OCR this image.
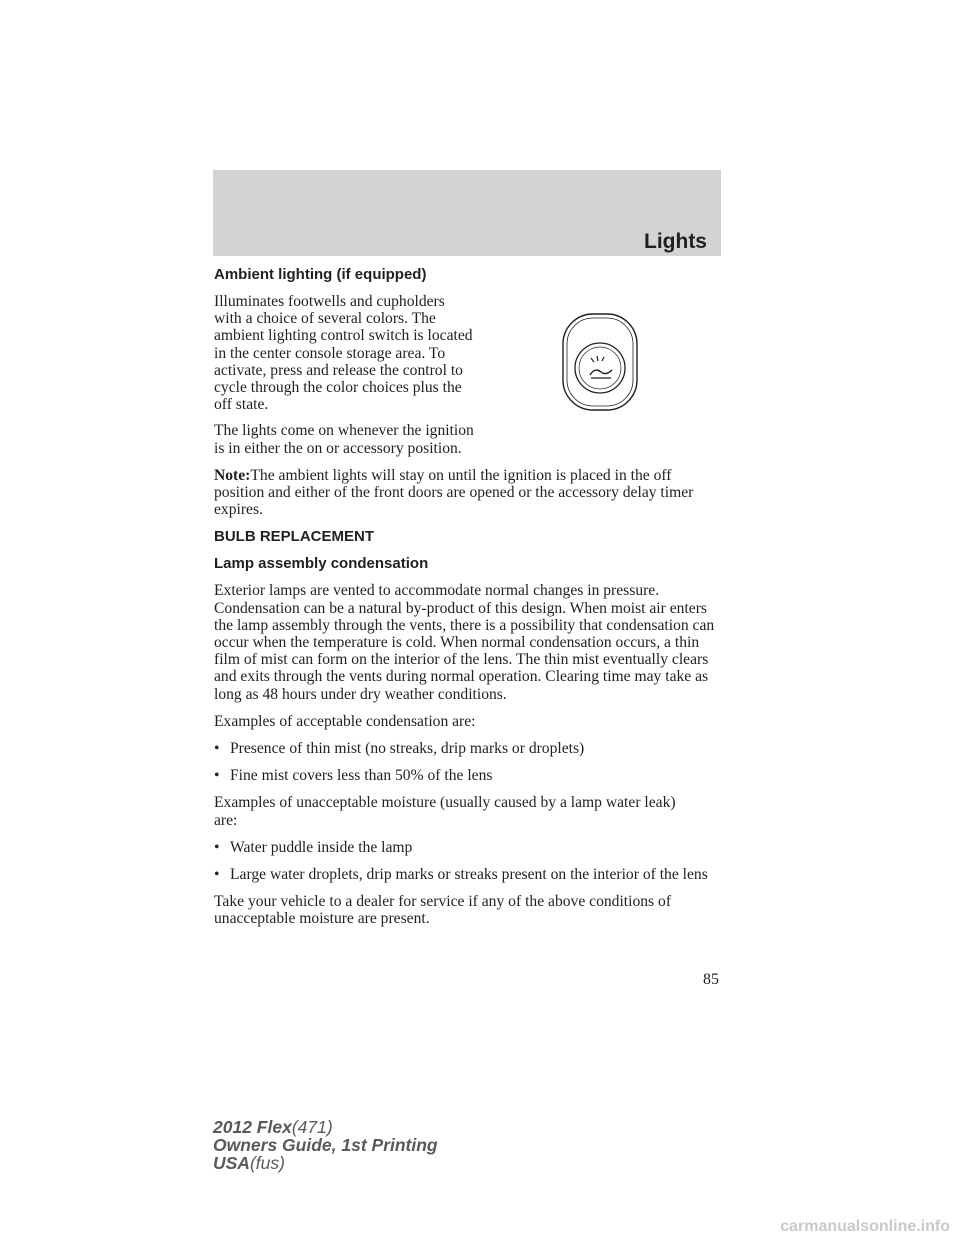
Lights
Ambient lighting (if equipped)

Illuminates footwells and cupholders with a choice of several colors. The ambient lighting control switch is located in the center console storage area. To activate, press and release the control to cycle through the color choices plus the off state.

The lights come on whenever the ignition is in either the on or accessory position.

Note:The ambient lights will stay on until the ignition is placed in the off position and either of the front doors are opened or the accessory delay timer expires.

BULB REPLACEMENT
Lamp assembly condensation

Exterior lamps are vented to accommodate normal changes in pressure. Condensation can be a natural by-product of this design. When moist air enters the lamp assembly through the vents, there is a possibility that condensation can occur when the temperature is cold. When normal condensation occurs, a thin film of mist can form on the interior of the lens. The thin mist eventually clears and exits through the vents during normal operation. Clearing time may take as long as 48 hours under dry weather conditions.

Examples of acceptable condensation are:

• Presence of thin mist (no streaks, drip marks or droplets)
• Fine mist covers less than 50% of the lens

Examples of unacceptable moisture (usually caused by a lamp water leak) are:

• Water puddle inside the lamp
• Large water droplets, drip marks or streaks present on the interior of the lens

Take your vehicle to a dealer for service if any of the above conditions of unacceptable moisture are present.

85
2012 Flex(471)
Owners Guide, 1st Printing
USA(fus)
carmanualsonline.info
